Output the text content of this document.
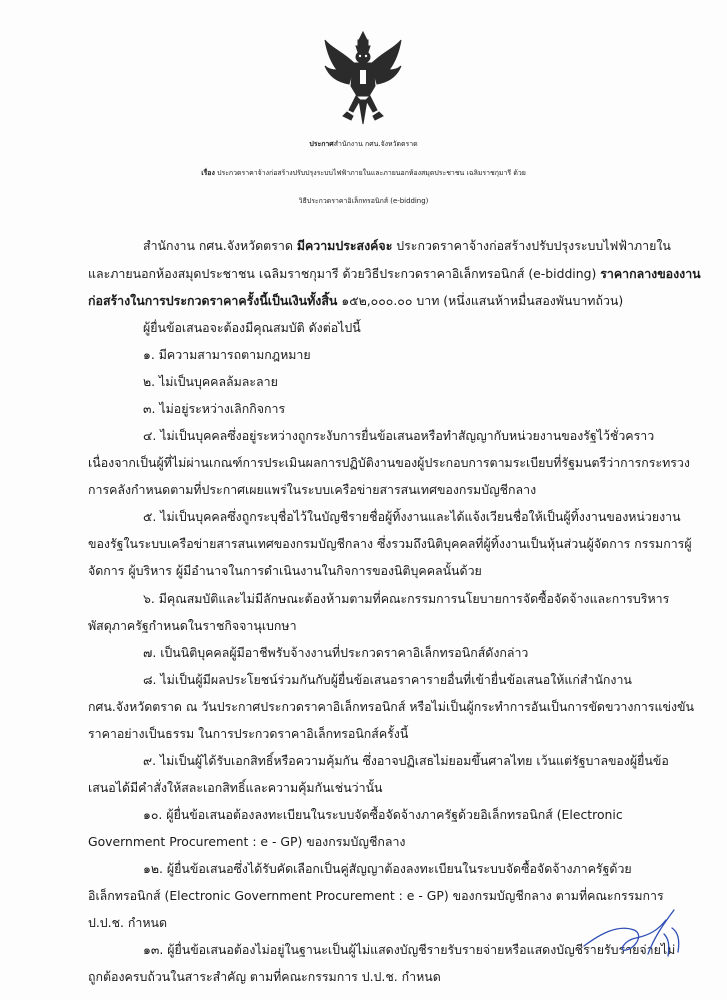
ประกาศสำนักงาน กศน.จังหวัดตราด
เรื่อง ประกวดราคาจ้างก่อสร้างปรับปรุงระบบไฟฟ้าภายในและภายนอกห้องสมุดประชาชน เฉลิมราชกุมารี ด้วย
วิธีประกวดราคาอิเล็กทรอนิกส์ (e-bidding)
สำนักงาน กศน.จังหวัดตราด มีความประสงค์จะ ประกวดราคาจ้างก่อสร้างปรับปรุงระบบไฟฟ้าภายใน
และภายนอกห้องสมุดประชาชน เฉลิมราชกุมารี ด้วยวิธีประกวดราคาอิเล็กทรอนิกส์ (e-bidding) ราคากลางของงาน
ก่อสร้างในการประกวดราคาครั้งนี้เป็นเงินทั้งสิ้น ๑๕๒,๐๐๐.๐๐ บาท (หนึ่งแสนห้าหมื่นสองพันบาทถ้วน)
ผู้ยื่นข้อเสนอจะต้องมีคุณสมบัติ ดังต่อไปนี้
๑. มีความสามารถตามกฎหมาย
๒. ไม่เป็นบุคคลล้มละลาย
๓. ไม่อยู่ระหว่างเลิกกิจการ
๔. ไม่เป็นบุคคลซึ่งอยู่ระหว่างถูกระงับการยื่นข้อเสนอหรือทำสัญญากับหน่วยงานของรัฐไว้ชั่วคราว
เนื่องจากเป็นผู้ที่ไม่ผ่านเกณฑ์การประเมินผลการปฏิบัติงานของผู้ประกอบการตามระเบียบที่รัฐมนตรีว่าการกระทรวง
การคลังกำหนดตามที่ประกาศเผยแพร่ในระบบเครือข่ายสารสนเทศของกรมบัญชีกลาง
๕. ไม่เป็นบุคคลซึ่งถูกระบุชื่อไว้ในบัญชีรายชื่อผู้ทิ้งงานและได้แจ้งเวียนชื่อให้เป็นผู้ทิ้งงานของหน่วยงาน
ของรัฐในระบบเครือข่ายสารสนเทศของกรมบัญชีกลาง ซึ่งรวมถึงนิติบุคคลที่ผู้ทิ้งงานเป็นหุ้นส่วนผู้จัดการ กรรมการผู้
จัดการ ผู้บริหาร ผู้มีอำนาจในการดำเนินงานในกิจการของนิติบุคคลนั้นด้วย
๖. มีคุณสมบัติและไม่มีลักษณะต้องห้ามตามที่คณะกรรมการนโยบายการจัดซื้อจัดจ้างและการบริหาร
พัสดุภาครัฐกำหนดในราชกิจจานุเบกษา
๗. เป็นนิติบุคคลผู้มีอาชีพรับจ้างงานที่ประกวดราคาอิเล็กทรอนิกส์ดังกล่าว
๘. ไม่เป็นผู้มีผลประโยชน์ร่วมกันกับผู้ยื่นข้อเสนอราคารายอื่นที่เข้ายื่นข้อเสนอให้แก่สำนักงาน
กศน.จังหวัดตราด ณ วันประกาศประกวดราคาอิเล็กทรอนิกส์ หรือไม่เป็นผู้กระทำการอันเป็นการขัดขวางการแข่งขัน
ราคาอย่างเป็นธรรม ในการประกวดราคาอิเล็กทรอนิกส์ครั้งนี้
๙. ไม่เป็นผู้ได้รับเอกสิทธิ์หรือความคุ้มกัน ซึ่งอาจปฏิเสธไม่ยอมขึ้นศาลไทย เว้นแต่รัฐบาลของผู้ยื่นข้อ
เสนอได้มีคำสั่งให้สละเอกสิทธิ์และความคุ้มกันเช่นว่านั้น
๑๐. ผู้ยื่นข้อเสนอต้องลงทะเบียนในระบบจัดซื้อจัดจ้างภาครัฐด้วยอิเล็กทรอนิกส์ (Electronic
Government Procurement : e - GP) ของกรมบัญชีกลาง
๑๒. ผู้ยื่นข้อเสนอซึ่งได้รับคัดเลือกเป็นคู่สัญญาต้องลงทะเบียนในระบบจัดซื้อจัดจ้างภาครัฐด้วย
อิเล็กทรอนิกส์ (Electronic Government Procurement : e - GP) ของกรมบัญชีกลาง ตามที่คณะกรรมการ
ป.ป.ช. กำหนด
๑๓. ผู้ยื่นข้อเสนอต้องไม่อยู่ในฐานะเป็นผู้ไม่แสดงบัญชีรายรับรายจ่ายหรือแสดงบัญชีรายรับรายจ่ายไม่
ถูกต้องครบถ้วนในสาระสำคัญ ตามที่คณะกรรมการ ป.ป.ช. กำหนด
